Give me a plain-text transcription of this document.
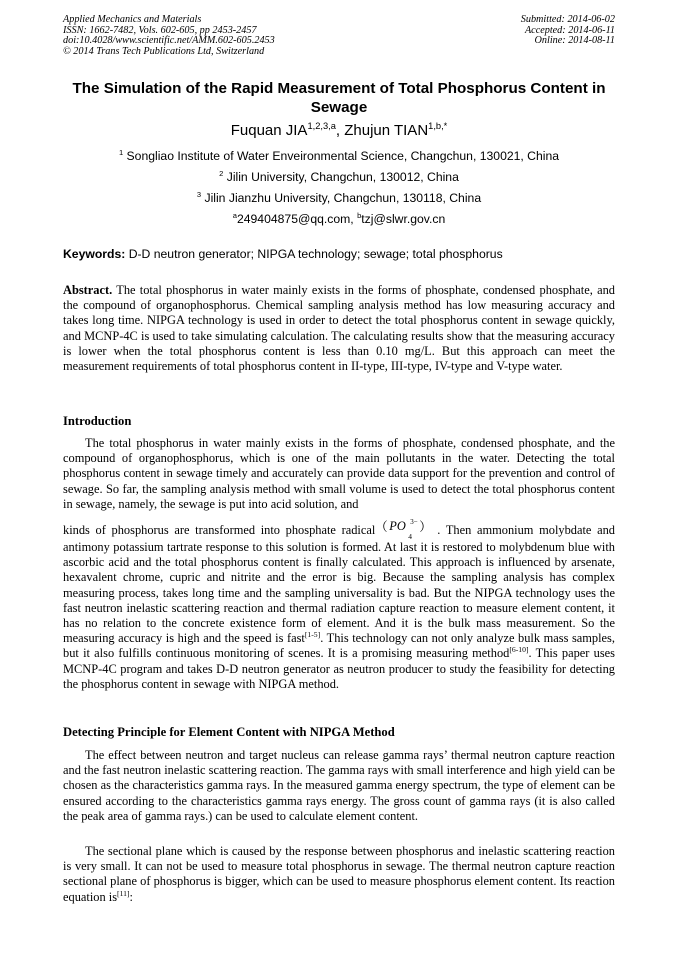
Applied Mechanics and Materials
ISSN: 1662-7482, Vols. 602-605, pp 2453-2457
doi:10.4028/www.scientific.net/AMM.602-605.2453
© 2014 Trans Tech Publications Ltd, Switzerland
Submitted: 2014-06-02
Accepted: 2014-06-11
Online: 2014-08-11
The Simulation of the Rapid Measurement of Total Phosphorus Content in Sewage
Fuquan JIA$^{1,2,3,a}$, Zhujun $TIAN^{1,b,*}$
$^1$ Songliao Institute of Water Enveironmental Science, Changchun, 130021, China
$^2$ Jilin University, Changchun, 130012, China
$^3$ Jilin Jianzhu University, Changchun, 130118, China
$^a$249404875@qq.com, $^b$tzj@slwr.gov.cn
Keywords: D-D neutron generator; NIPGA technology; sewage; total phosphorus
Abstract. The total phosphorus in water mainly exists in the forms of phosphate, condensed phosphate, and the compound of organophosphorus. Chemical sampling analysis method has low measuring accuracy and takes long time. NIPGA technology is used in order to detect the total phosphorus content in sewage quickly, and MCNP-4C is used to take simulating calculation. The calculating results show that the measuring accuracy is lower when the total phosphorus content is less than 0.10 mg/L. But this approach can meet the measurement requirements of total phosphorus content in II-type, III-type, IV-type and V-type water.
Introduction
The total phosphorus in water mainly exists in the forms of phosphate, condensed phosphate, and the compound of organophosphorus, which is one of the main pollutants in the water. Detecting the total phosphorus content in sewage timely and accurately can provide data support for the prevention and control of sewage. So far, the sampling analysis method with small volume is used to detect the total phosphorus content in sewage, namely, the sewage is put into acid solution, and
kinds of phosphorus are transformed into phosphate radical （ PO 3−
4
） . Then ammonium molybdate and antimony potassium tartrate response to this solution is formed. At last it is restored to molybdenum blue with ascorbic acid and the total phosphorus content is finally calculated. This approach is influenced by arsenate, hexavalent chrome, cupric and nitrite and the error is big. Because the sampling analysis has complex measuring process, takes long time and the sampling universality is bad. But the NIPGA technology uses the fast neutron inelastic scattering reaction and thermal radiation capture reaction to measure element content, it has no relation to the concrete existence form of element. And it is the bulk mass measurement. So the measuring accuracy is high and the speed is fast[1-5]. This technology can not only analyze bulk mass samples, but it also fulfills continuous monitoring of scenes. It is a promising measuring method[6-10]. This paper uses MCNP-4C program and takes D-D neutron generator as neutron producer to study the feasibility for detecting the phosphorus content in sewage with NIPGA method.
Detecting Principle for Element Content with NIPGA Method
The effect between neutron and target nucleus can release gamma rays’ thermal neutron capture reaction and the fast neutron inelastic scattering reaction. The gamma rays with small interference and high yield can be chosen as the characteristics gamma rays. In the measured gamma energy spectrum, the type of element can be ensured according to the characteristics gamma rays energy. The gross count of gamma rays (it is also called the peak area of gamma rays.) can be used to calculate element content.
The sectional plane which is caused by the response between phosphorus and inelastic scattering reaction is very small. It can not be used to measure total phosphorus in sewage. The thermal neutron capture reaction sectional plane of phosphorus is bigger, which can be used to measure phosphorus element content. Its reaction equation is[11]:
